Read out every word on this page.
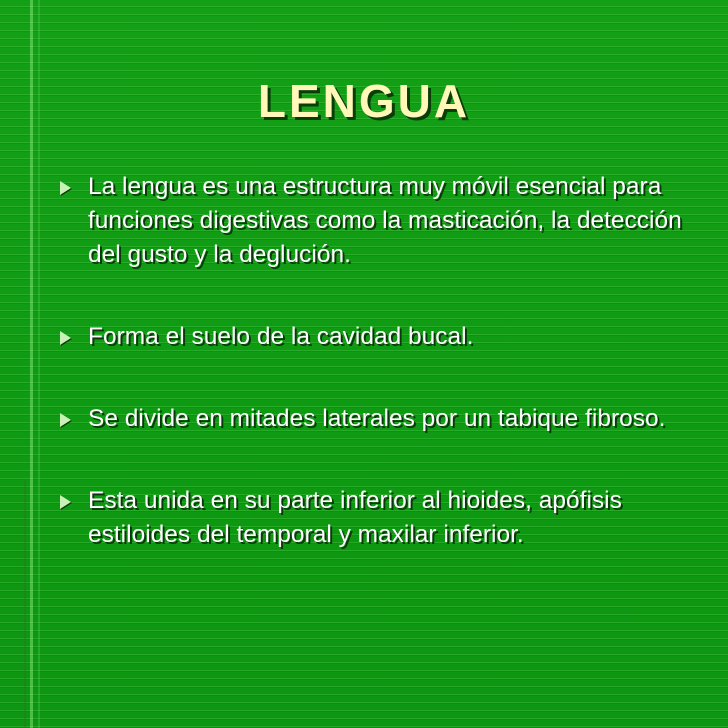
LENGUA
La lengua es una estructura muy móvil esencial para funciones digestivas como la masticación, la detección del gusto y la deglución.
Forma el suelo de la cavidad bucal.
Se divide en mitades laterales por un tabique fibroso.
Esta unida en su parte inferior al hioides, apófisis estiloides del temporal y maxilar inferior.
